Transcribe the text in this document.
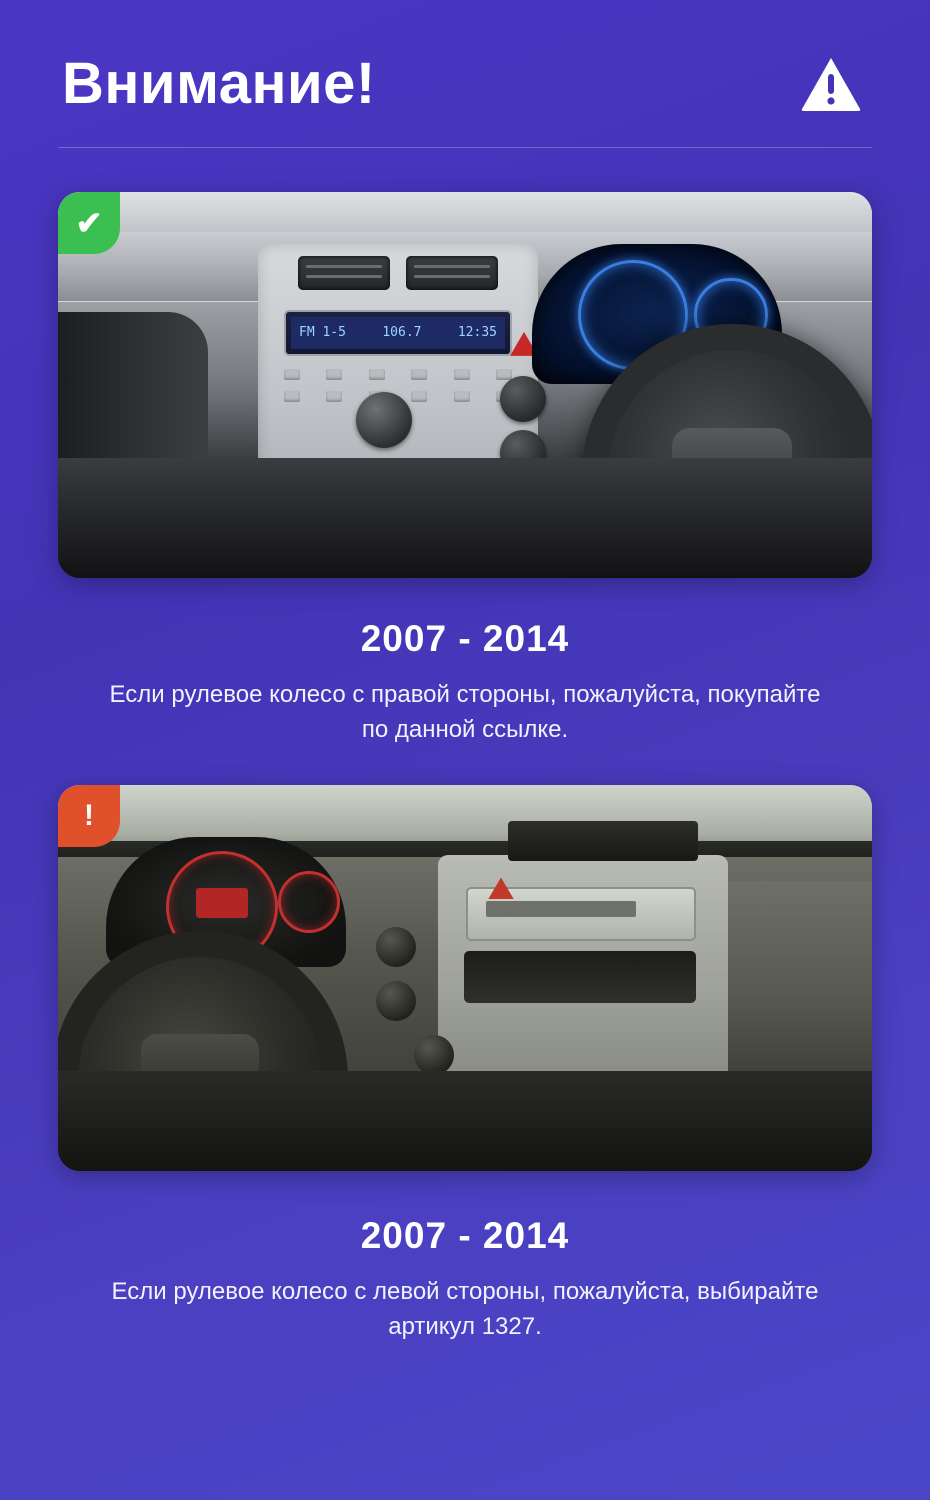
Внимание!
✔
FM 1-5	106.7	12:35
2007 - 2014
Если рулевое колесо с правой стороны, пожалуйста, покупайте по данной ссылке.
!
2007 - 2014
Если рулевое колесо с левой стороны, пожалуйста, выбирайте артикул 1327.
